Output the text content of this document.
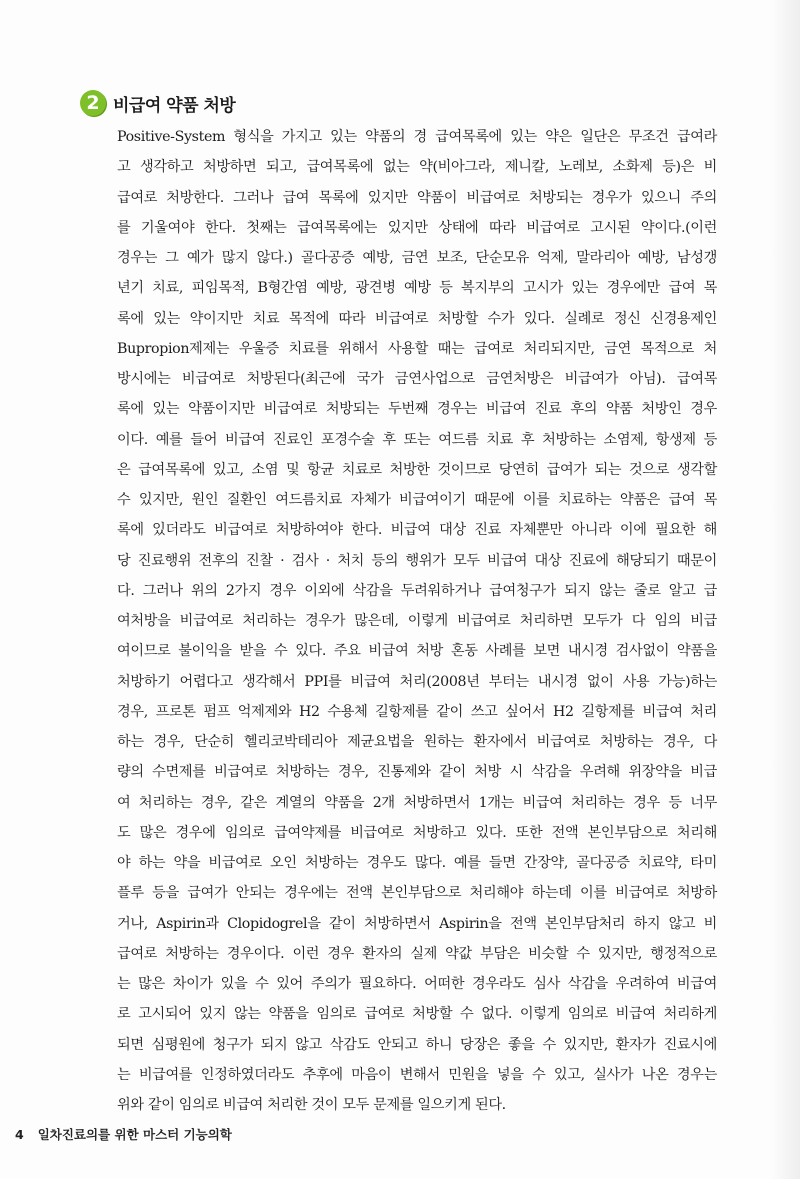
2 비급여 약품 처방
Positive-System 형식을 가지고 있는 약품의 경 급여목록에 있는 약은 일단은 무조건 급여라
고 생각하고 처방하면 되고, 급여목록에 없는 약(비아그라, 제니칼, 노레보, 소화제 등)은 비
급여로 처방한다. 그러나 급여 목록에 있지만 약품이 비급여로 처방되는 경우가 있으니 주의
를 기울여야 한다. 첫째는 급여목록에는 있지만 상태에 따라 비급여로 고시된 약이다.(이런
경우는 그 예가 많지 않다.) 골다공증 예방, 금연 보조, 단순모유 억제, 말라리아 예방, 남성갱
년기 치료, 피임목적, B형간염 예방, 광견병 예방 등 복지부의 고시가 있는 경우에만 급여 목
록에 있는 약이지만 치료 목적에 따라 비급여로 처방할 수가 있다. 실례로 정신 신경용제인
Bupropion제제는 우울증 치료를 위해서 사용할 때는 급여로 처리되지만, 금연 목적으로 처
방시에는 비급여로 처방된다(최근에 국가 금연사업으로 금연처방은 비급여가 아님). 급여목
록에 있는 약품이지만 비급여로 처방되는 두번째 경우는 비급여 진료 후의 약품 처방인 경우
이다. 예를 들어 비급여 진료인 포경수술 후 또는 여드름 치료 후 처방하는 소염제, 항생제 등
은 급여목록에 있고, 소염 및 항균 치료로 처방한 것이므로 당연히 급여가 되는 것으로 생각할
수 있지만, 원인 질환인 여드름치료 자체가 비급여이기 때문에 이를 치료하는 약품은 급여 목
록에 있더라도 비급여로 처방하여야 한다. 비급여 대상 진료 자체뿐만 아니라 이에 필요한 해
당 진료행위 전후의 진찰 · 검사 · 처치 등의 행위가 모두 비급여 대상 진료에 해당되기 때문이
다. 그러나 위의 2가지 경우 이외에 삭감을 두려워하거나 급여청구가 되지 않는 줄로 알고 급
여처방을 비급여로 처리하는 경우가 많은데, 이렇게 비급여로 처리하면 모두가 다 임의 비급
여이므로 불이익을 받을 수 있다. 주요 비급여 처방 혼동 사례를 보면 내시경 검사없이 약품을
처방하기 어렵다고 생각해서 PPI를 비급여 처리(2008년 부터는 내시경 없이 사용 가능)하는
경우, 프로톤 펌프 억제제와 H2 수용체 길항제를 같이 쓰고 싶어서 H2 길항제를 비급여 처리
하는 경우, 단순히 헬리코박테리아 제균요법을 원하는 환자에서 비급여로 처방하는 경우, 다
량의 수면제를 비급여로 처방하는 경우, 진통제와 같이 처방 시 삭감을 우려해 위장약을 비급
여 처리하는 경우, 같은 계열의 약품을 2개 처방하면서 1개는 비급여 처리하는 경우 등 너무
도 많은 경우에 임의로 급여약제를 비급여로 처방하고 있다. 또한 전액 본인부담으로 처리해
야 하는 약을 비급여로 오인 처방하는 경우도 많다. 예를 들면 간장약, 골다공증 치료약, 타미
플루 등을 급여가 안되는 경우에는 전액 본인부담으로 처리해야 하는데 이를 비급여로 처방하
거나, Aspirin과 Clopidogrel을 같이 처방하면서 Aspirin을 전액 본인부담처리 하지 않고 비
급여로 처방하는 경우이다. 이런 경우 환자의 실제 약값 부담은 비슷할 수 있지만, 행정적으로
는 많은 차이가 있을 수 있어 주의가 필요하다. 어떠한 경우라도 심사 삭감을 우려하여 비급여
로 고시되어 있지 않는 약품을 임의로 급여로 처방할 수 없다. 이렇게 임의로 비급여 처리하게
되면 심평원에 청구가 되지 않고 삭감도 안되고 하니 당장은 좋을 수 있지만, 환자가 진료시에
는 비급여를 인정하였더라도 추후에 마음이 변해서 민원을 넣을 수 있고, 실사가 나온 경우는
위와 같이 임의로 비급여 처리한 것이 모두 문제를 일으키게 된다.
4 일차진료의를 위한 마스터 기능의학
